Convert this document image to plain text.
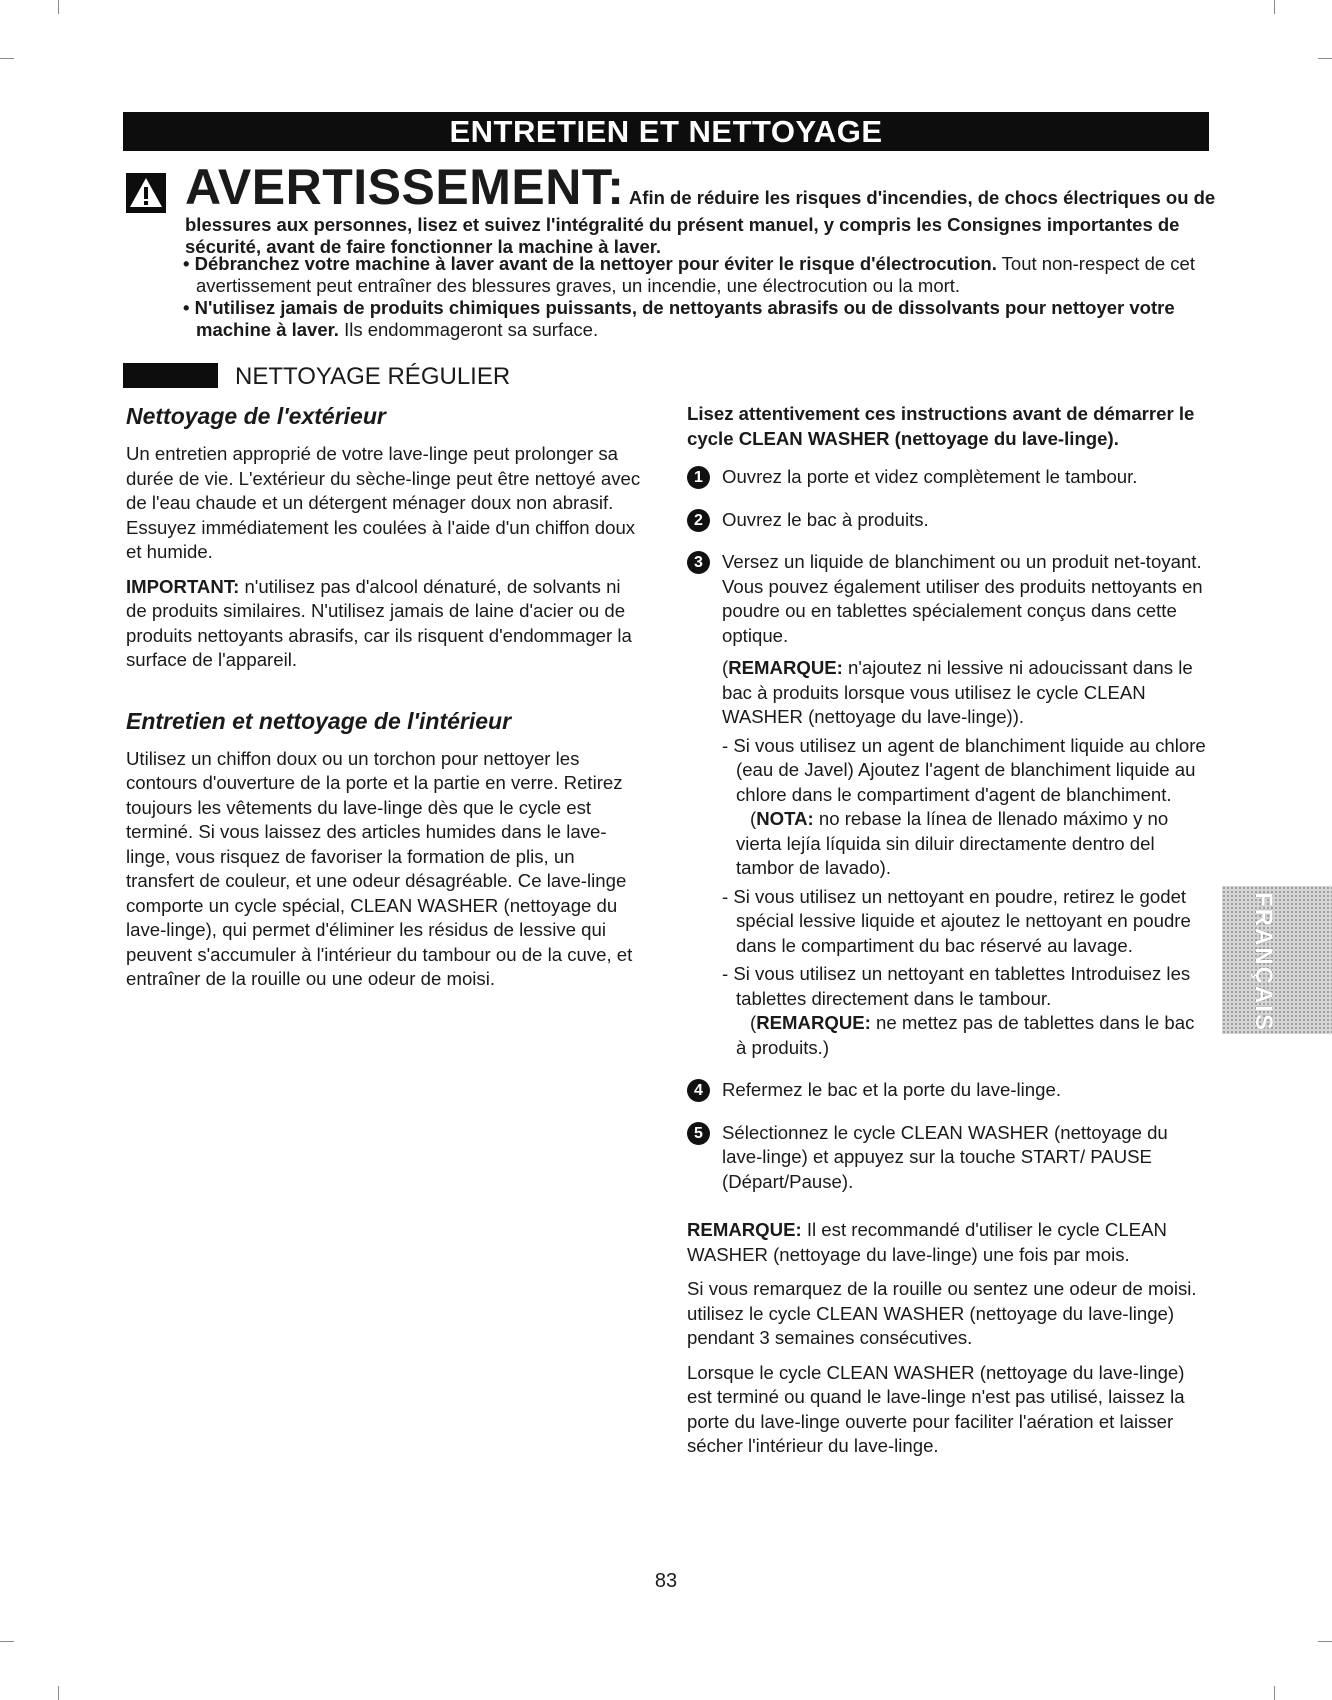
ENTRETIEN ET NETTOYAGE
AVERTISSEMENT: Afin de réduire les risques d'incendies, de chocs électriques ou de blessures aux personnes, lisez et suivez l'intégralité du présent manuel, y compris les Consignes importantes de sécurité, avant de faire fonctionner la machine à laver.

• Débranchez votre machine à laver avant de la nettoyer pour éviter le risque d'électrocution. Tout non-respect de cet avertissement peut entraîner des blessures graves, un incendie, une électrocution ou la mort.

• N'utilisez jamais de produits chimiques puissants, de nettoyants abrasifs ou de dissolvants pour nettoyer votre machine à laver. Ils endommageront sa surface.

NETTOYAGE RÉGULIER
Nettoyage de l'extérieur

Un entretien approprié de votre lave-linge peut prolonger sa durée de vie. L'extérieur du sèche-linge peut être nettoyé avec de l'eau chaude et un détergent ménager doux non abrasif. Essuyez immédiatement les coulées à l'aide d'un chiffon doux et humide.

IMPORTANT: n'utilisez pas d'alcool dénaturé, de solvants ni de produits similaires. N'utilisez jamais de laine d'acier ou de produits nettoyants abrasifs, car ils risquent d'endommager la surface de l'appareil.

Entretien et nettoyage de l'intérieur

Utilisez un chiffon doux ou un torchon pour nettoyer les contours d'ouverture de la porte et la partie en verre. Retirez toujours les vêtements du lave-linge dès que le cycle est terminé. Si vous laissez des articles humides dans le lave-linge, vous risquez de favoriser la formation de plis, un transfert de couleur, et une odeur désagréable. Ce lave-linge comporte un cycle spécial, CLEAN WASHER (nettoyage du lave-linge), qui permet d'éliminer les résidus de lessive qui peuvent s'accumuler à l'intérieur du tambour ou de la cuve, et entraîner de la rouille ou une odeur de moisi.

Lisez attentivement ces instructions avant de démarrer le cycle CLEAN WASHER (nettoyage du lave-linge).

1	Ouvrez la porte et videz complètement le tambour.
2	Ouvrez le bac à produits.
3	Versez un liquide de blanchiment ou un produit net-toyant. Vous pouvez également utiliser des produits nettoyants en poudre ou en tablettes spécialement conçus dans cette optique.

(REMARQUE: n'ajoutez ni lessive ni adoucissant dans le bac à produits lorsque vous utilisez le cycle CLEAN WASHER (nettoyage du lave-linge)).

- Si vous utilisez un agent de blanchiment liquide au chlore (eau de Javel) Ajoutez l'agent de blanchiment liquide au chlore dans le compartiment d'agent de blanchiment.
(NOTA: no rebase la línea de llenado máximo y no vierta lejía líquida sin diluir directamente dentro del tambor de lavado).

- Si vous utilisez un nettoyant en poudre, retirez le godet spécial lessive liquide et ajoutez le nettoyant en poudre dans le compartiment du bac réservé au lavage.

- Si vous utilisez un nettoyant en tablettes Introduisez les tablettes directement dans le tambour.
(REMARQUE: ne mettez pas de tablettes dans le bac à produits.)

4	Refermez le bac et la porte du lave-linge.
5	Sélectionnez le cycle CLEAN WASHER (nettoyage du lave-linge) et appuyez sur la touche START/ PAUSE (Départ/Pause).

REMARQUE: Il est recommandé d'utiliser le cycle CLEAN WASHER (nettoyage du lave-linge) une fois par mois.

Si vous remarquez de la rouille ou sentez une odeur de moisi. utilisez le cycle CLEAN WASHER (nettoyage du lave-linge) pendant 3 semaines consécutives.

Lorsque le cycle CLEAN WASHER (nettoyage du lave-linge) est terminé ou quand le lave-linge n'est pas utilisé, laissez la porte du lave-linge ouverte pour faciliter l'aération et laisser sécher l'intérieur du lave-linge.

FRANÇAIS
83
